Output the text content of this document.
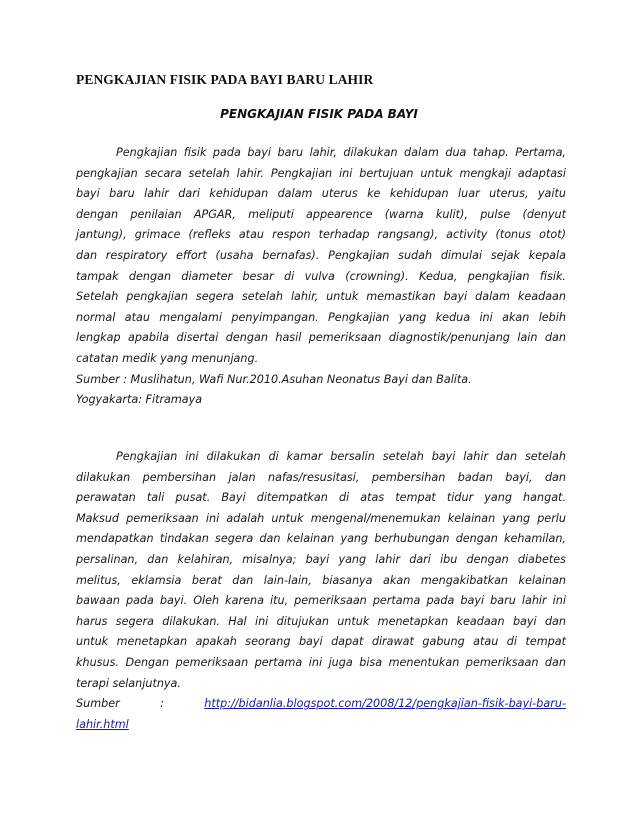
PENGKAJIAN FISIK PADA BAYI BARU LAHIR
PENGKAJIAN FISIK PADA BAYI
Pengkajian fisik pada bayi baru lahir, dilakukan dalam dua tahap. Pertama,
pengkajian secara setelah lahir. Pengkajian ini bertujuan untuk mengkaji adaptasi
bayi baru lahir dari kehidupan dalam uterus ke kehidupan luar uterus, yaitu
dengan penilaian APGAR, meliputi appearence (warna kulit), pulse (denyut
jantung), grimace (refleks atau respon terhadap rangsang), activity (tonus otot)
dan respiratory effort (usaha bernafas). Pengkajian sudah dimulai sejak kepala
tampak dengan diameter besar di vulva (crowning). Kedua, pengkajian fisik.
Setelah pengkajian segera setelah lahir, untuk memastikan bayi dalam keadaan
normal atau mengalami penyimpangan. Pengkajian yang kedua ini akan lebih
lengkap apabila disertai dengan hasil pemeriksaan diagnostik/penunjang lain dan
catatan medik yang menunjang.
Sumber : Muslihatun, Wafi Nur.2010.Asuhan Neonatus Bayi dan Balita.
Yogyakarta: Fitramaya
Pengkajian ini dilakukan di kamar bersalin setelah bayi lahir dan setelah
dilakukan pembersihan jalan nafas/resusitasi, pembersihan badan bayi, dan
perawatan tali pusat. Bayi ditempatkan di atas tempat tidur yang hangat.
Maksud pemeriksaan ini adalah untuk mengenal/menemukan kelainan yang perlu
mendapatkan tindakan segera dan kelainan yang berhubungan dengan kehamilan,
persalinan, dan kelahiran, misalnya; bayi yang lahir dari ibu dengan diabetes
melitus, eklamsia berat dan lain-lain, biasanya akan mengakibatkan kelainan
bawaan pada bayi. Oleh karena itu, pemeriksaan pertama pada bayi baru lahir ini
harus segera dilakukan. Hal ini ditujukan untuk menetapkan keadaan bayi dan
untuk menetapkan apakah seorang bayi dapat dirawat gabung atau di tempat
khusus. Dengan pemeriksaan pertama ini juga bisa menentukan pemeriksaan dan
terapi selanjutnya.
Sumber : http://bidanlia.blogspot.com/2008/12/pengkajian-fisik-bayi-baru-
lahir.html
